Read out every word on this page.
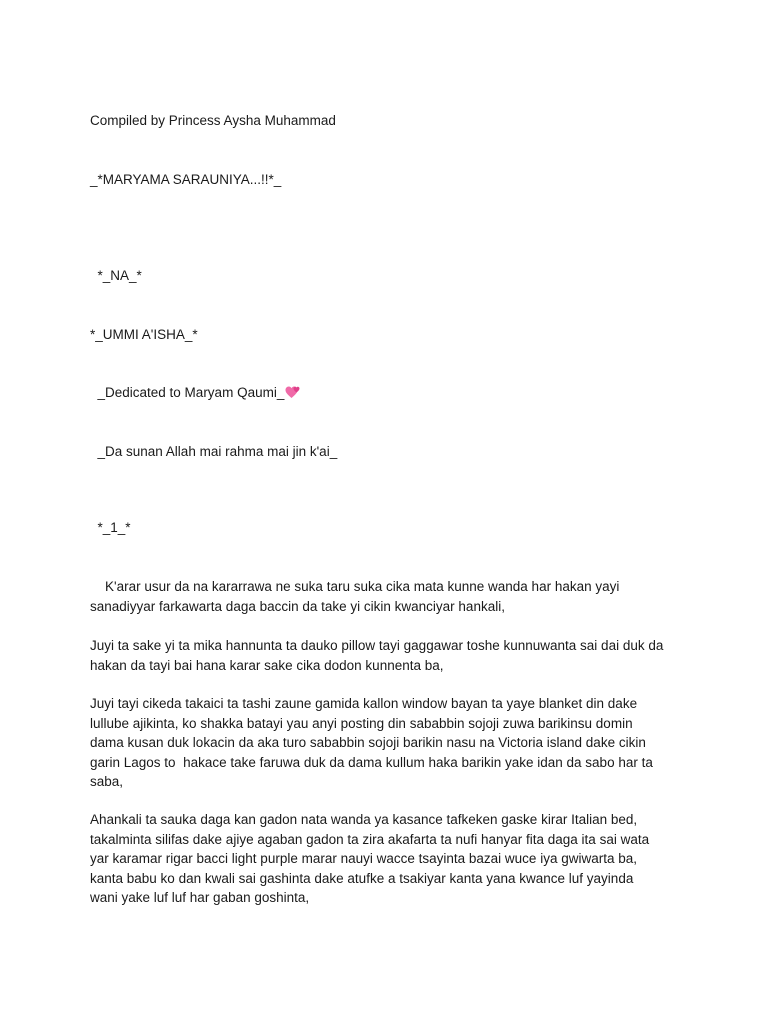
Compiled by Princess Aysha Muhammad

_*MARYAMA SARAUNIYA...!!*_

*_NA_*

*_UMMI A'ISHA_*

_Dedicated to Maryam Qaumi_

_Da sunan Allah mai rahma mai jin k'ai_

*_1_*

K'arar usur da na kararrawa ne suka taru suka cika mata kunne wanda har hakan yayi
sanadiyyar farkawarta daga baccin da take yi cikin kwanciyar hankali,
Juyi ta sake yi ta mika hannunta ta dauko pillow tayi gaggawar toshe kunnuwanta sai dai duk da
hakan da tayi bai hana karar sake cika dodon kunnenta ba,
Juyi tayi cikeda takaici ta tashi zaune gamida kallon window bayan ta yaye blanket din dake
lullube ajikinta, ko shakka batayi yau anyi posting din sababbin sojoji zuwa barikinsu domin
dama kusan duk lokacin da aka turo sababbin sojoji barikin nasu na Victoria island dake cikin
garin Lagos to  hakace take faruwa duk da dama kullum haka barikin yake idan da sabo har ta
saba,
Ahankali ta sauka daga kan gadon nata wanda ya kasance tafkeken gaske kirar Italian bed,
takalminta silifas dake ajiye agaban gadon ta zira akafarta ta nufi hanyar fita daga ita sai wata
yar karamar rigar bacci light purple marar nauyi wacce tsayinta bazai wuce iya gwiwarta ba,
kanta babu ko dan kwali sai gashinta dake atufke a tsakiyar kanta yana kwance luf yayinda
wani yake luf luf har gaban goshinta,
